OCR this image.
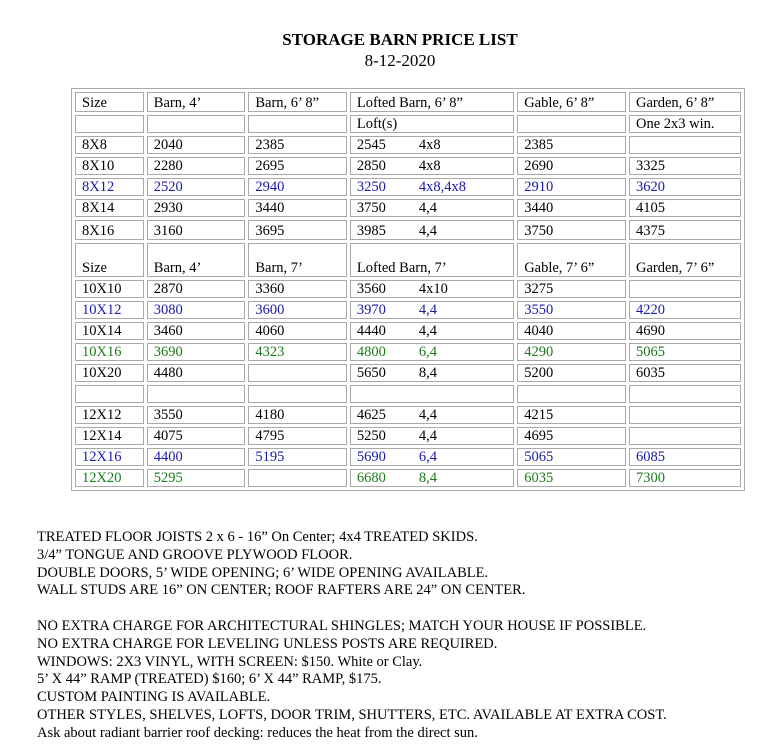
STORAGE BARN PRICE LIST
8-12-2020
Size	Barn, 4’	Barn, 6’ 8”	Lofted Barn, 6’ 8”	Gable, 6’ 8”	Garden, 6’ 8”
			Loft(s)		One 2x3 win.
8X8	2040	2385	2545 4x8	2385	
8X10	2280	2695	2850 4x8	2690	3325
8X12	2520	2940	3250 4x8,4x8	2910	3620
8X14	2930	3440	3750 4,4	3440	4105
8X16	3160	3695	3985 4,4	3750	4375
Size	Barn, 4’	Barn, 7’	Lofted Barn, 7’	Gable, 7’ 6”	Garden, 7’ 6”
10X10	2870	3360	3560 4x10	3275	
10X12	3080	3600	3970 4,4	3550	4220
10X14	3460	4060	4440 4,4	4040	4690
10X16	3690	4323	4800 6,4	4290	5065
10X20	4480		5650 8,4	5200	6035

12X12	3550	4180	4625 4,4	4215	
12X14	4075	4795	5250 4,4	4695	
12X16	4400	5195	5690 6,4	5065	6085
12X20	5295		6680 8,4	6035	7300
TREATED FLOOR JOISTS 2 x 6 - 16” On Center; 4x4 TREATED SKIDS.
3/4” TONGUE AND GROOVE PLYWOOD FLOOR.
DOUBLE DOORS, 5’ WIDE OPENING; 6’ WIDE OPENING AVAILABLE.
WALL STUDS ARE 16” ON CENTER; ROOF RAFTERS ARE 24” ON CENTER.
NO EXTRA CHARGE FOR ARCHITECTURAL SHINGLES; MATCH YOUR HOUSE IF POSSIBLE.
NO EXTRA CHARGE FOR LEVELING UNLESS POSTS ARE REQUIRED.
WINDOWS: 2X3 VINYL, WITH SCREEN: $150. White or Clay.
5’ X 44” RAMP (TREATED) $160; 6’ X 44” RAMP, $175.
CUSTOM PAINTING IS AVAILABLE.
OTHER STYLES, SHELVES, LOFTS, DOOR TRIM, SHUTTERS, ETC. AVAILABLE AT EXTRA COST.
Ask about radiant barrier roof decking: reduces the heat from the direct sun.
